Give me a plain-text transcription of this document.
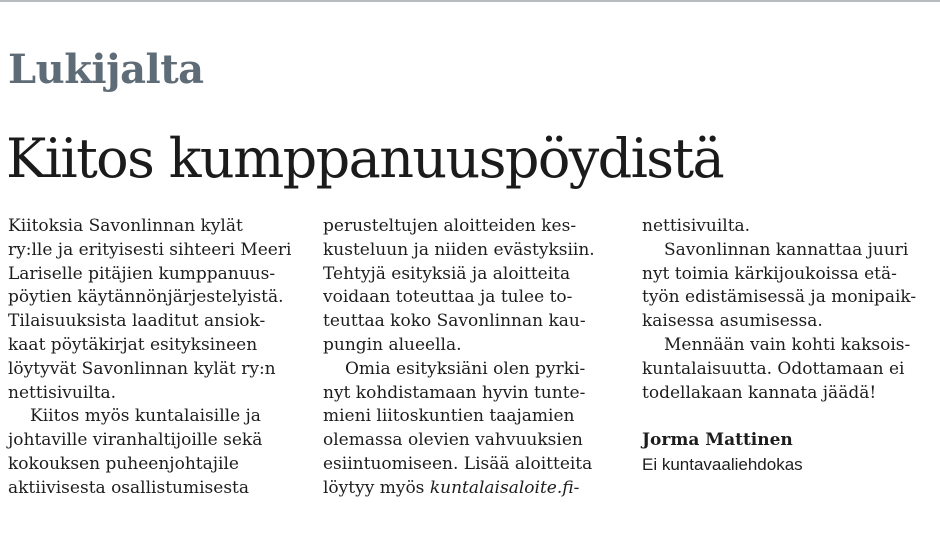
Lukijalta
Kiitos kumppanuuspöydistä
Kiitoksia Savonlinnan kylät
ry:lle ja erityisesti sihteeri Meeri
Lariselle pitäjien kumppanuus-
pöytien käytännönjärjestelyistä.
Tilaisuuksista laaditut ansiok-
kaat pöytäkirjat esityksineen
löytyvät Savonlinnan kylät ry:n
nettisivuilta.
Kiitos myös kuntalaisille ja
johtaville viranhaltijoille sekä
kokouksen puheenjohtajile
aktiivisesta osallistumisesta
perusteltujen aloitteiden kes-
kusteluun ja niiden evästyksiin.
Tehtyjä esityksiä ja aloitteita
voidaan toteuttaa ja tulee to-
teuttaa koko Savonlinnan kau-
pungin alueella.
Omia esityksiäni olen pyrki-
nyt kohdistamaan hyvin tunte-
mieni liitoskuntien taajamien
olemassa olevien vahvuuksien
esiintuomiseen. Lisää aloitteita
löytyy myös kuntalaisaloite.fi-
nettisivuilta.
Savonlinnan kannattaa juuri
nyt toimia kärkijoukoissa etä-
työn edistämisessä ja monipaik-
kaisessa asumisessa.
Mennään vain kohti kaksois-
kuntalaisuutta. Odottamaan ei
todellakaan kannata jäädä!
Jorma Mattinen
Ei kuntavaaliehdokas
